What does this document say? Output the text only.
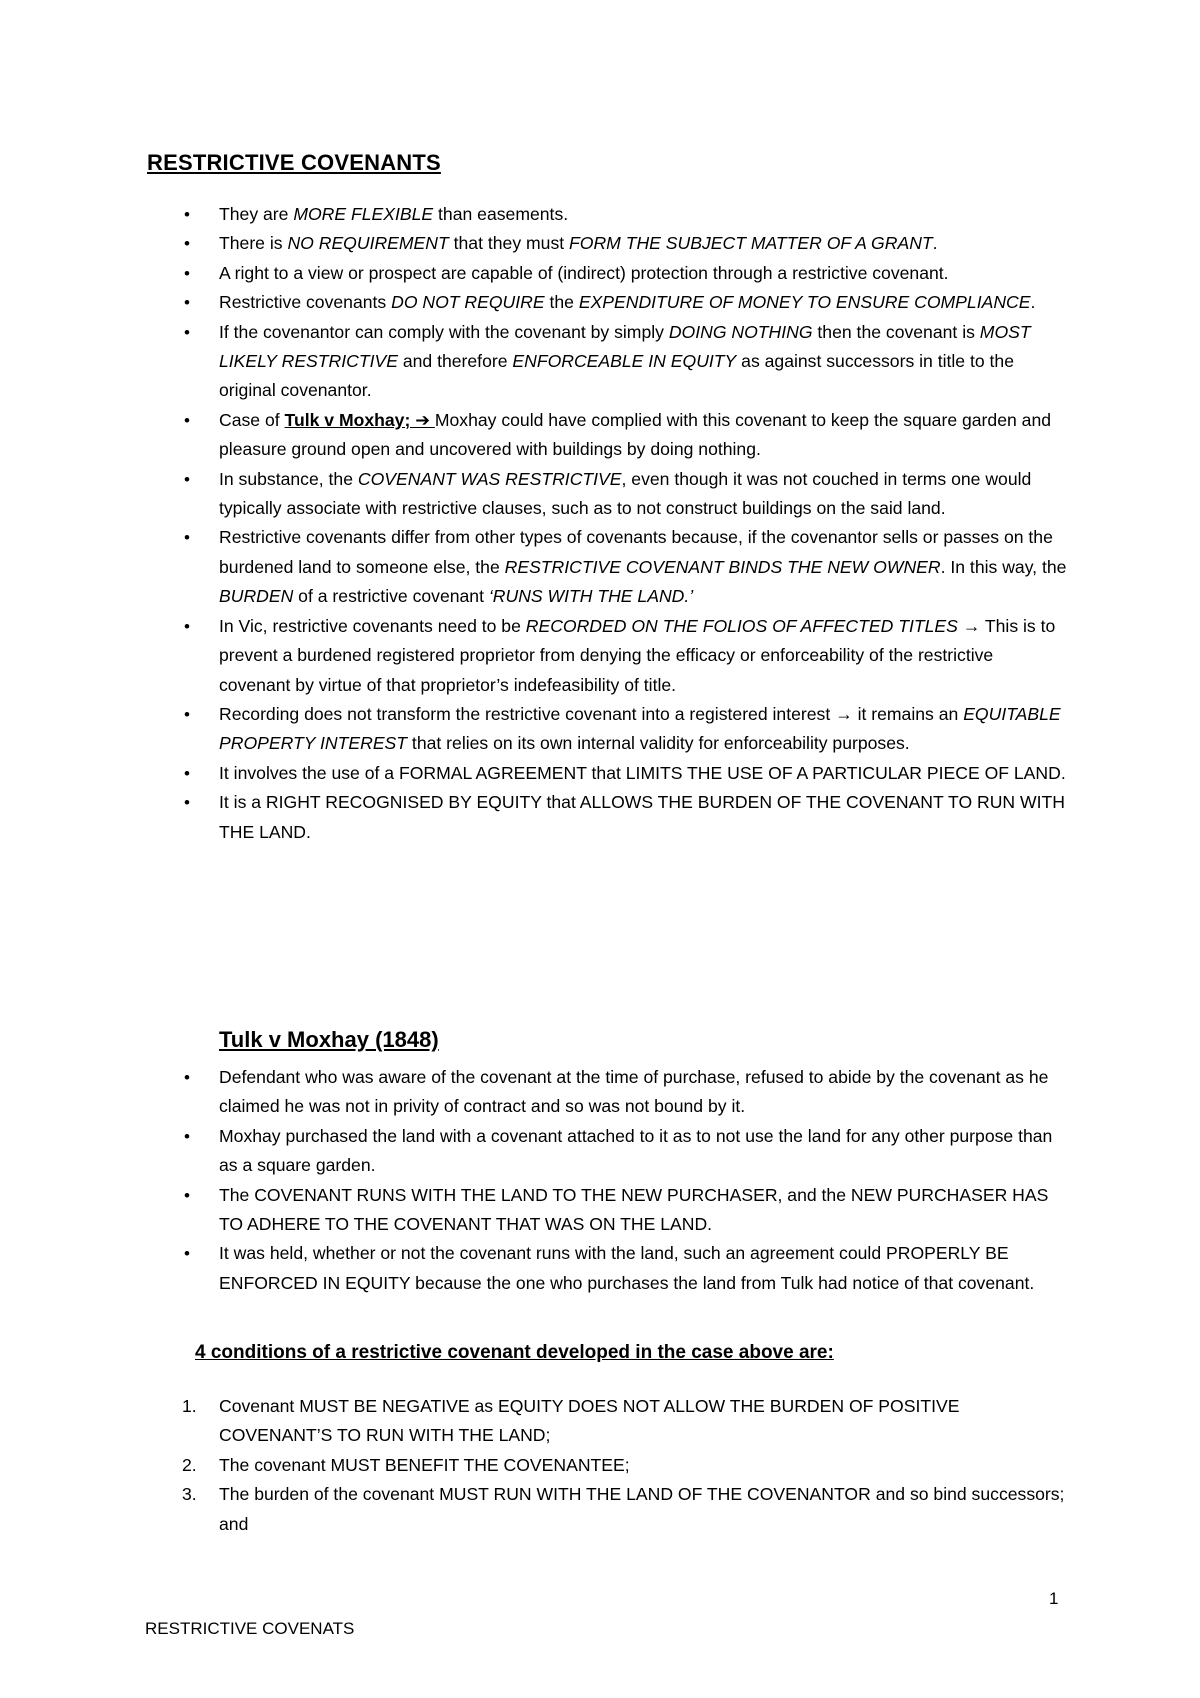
RESTRICTIVE COVENANTS
• They are MORE FLEXIBLE than easements.
• There is NO REQUIREMENT that they must FORM THE SUBJECT MATTER OF A GRANT.
• A right to a view or prospect are capable of (indirect) protection through a restrictive covenant.
• Restrictive covenants DO NOT REQUIRE the EXPENDITURE OF MONEY TO ENSURE COMPLIANCE.
• If the covenantor can comply with the covenant by simply DOING NOTHING then the covenant is MOST LIKELY RESTRICTIVE and therefore ENFORCEABLE IN EQUITY as against successors in title to the original covenantor.
• Case of Tulk v Moxhay; ➔ Moxhay could have complied with this covenant to keep the square garden and pleasure ground open and uncovered with buildings by doing nothing.
• In substance, the COVENANT WAS RESTRICTIVE, even though it was not couched in terms one would typically associate with restrictive clauses, such as to not construct buildings on the said land.
• Restrictive covenants differ from other types of covenants because, if the covenantor sells or passes on the burdened land to someone else, the RESTRICTIVE COVENANT BINDS THE NEW OWNER. In this way, the BURDEN of a restrictive covenant ‘RUNS WITH THE LAND.’
• In Vic, restrictive covenants need to be RECORDED ON THE FOLIOS OF AFFECTED TITLES → This is to prevent a burdened registered proprietor from denying the efficacy or enforceability of the restrictive covenant by virtue of that proprietor’s indefeasibility of title.
• Recording does not transform the restrictive covenant into a registered interest → it remains an EQUITABLE PROPERTY INTEREST that relies on its own internal validity for enforceability purposes.
• It involves the use of a FORMAL AGREEMENT that LIMITS THE USE OF A PARTICULAR PIECE OF LAND.
• It is a RIGHT RECOGNISED BY EQUITY that ALLOWS THE BURDEN OF THE COVENANT TO RUN WITH THE LAND.
Tulk v Moxhay (1848)
• Defendant who was aware of the covenant at the time of purchase, refused to abide by the covenant as he claimed he was not in privity of contract and so was not bound by it.
• Moxhay purchased the land with a covenant attached to it as to not use the land for any other purpose than as a square garden.
• The COVENANT RUNS WITH THE LAND TO THE NEW PURCHASER, and the NEW PURCHASER HAS TO ADHERE TO THE COVENANT THAT WAS ON THE LAND.
• It was held, whether or not the covenant runs with the land, such an agreement could PROPERLY BE ENFORCED IN EQUITY because the one who purchases the land from Tulk had notice of that covenant.
4 conditions of a restrictive covenant developed in the case above are:
1. Covenant MUST BE NEGATIVE as EQUITY DOES NOT ALLOW THE BURDEN OF POSITIVE COVENANT’S TO RUN WITH THE LAND;
2. The covenant MUST BENEFIT THE COVENANTEE;
3. The burden of the covenant MUST RUN WITH THE LAND OF THE COVENANTOR and so bind successors; and
1
RESTRICTIVE COVENATS
